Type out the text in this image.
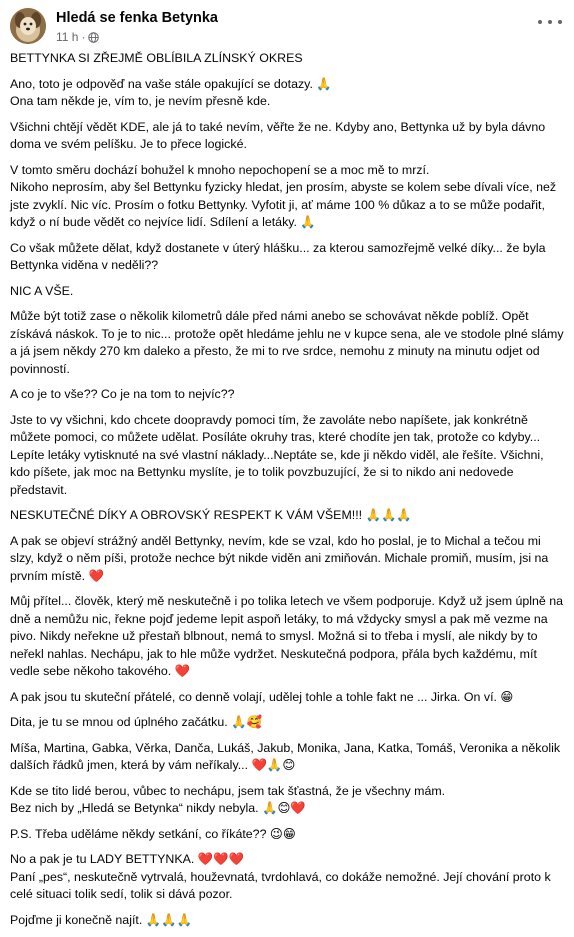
Hledá se fenka Betynka
11 h ·

BETTYNKA SI ZŘEJMĚ OBLÍBILA ZLÍNSKÝ OKRES

Ano, toto je odpověď na vaše stále opakující se dotazy. 🙏
Ona tam někde je, vím to, je nevím přesně kde.

Všichni chtějí vědět KDE, ale já to také nevím, věřte že ne. Kdyby ano, Bettynka už by byla dávno doma ve svém pelíšku. Je to přece logické.

V tomto směru dochází bohužel k mnoho nepochopení se a moc mě to mrzí.
Nikoho neprosím, aby šel Bettynku fyzicky hledat, jen prosím, abyste se kolem sebe dívali více, než jste zvyklí. Nic víc. Prosím o fotku Bettynky. Vyfotit ji, ať máme 100 % důkaz a to se může podařit, když o ní bude vědět co nejvíce lidí. Sdílení a letáky. 🙏

Co však můžete dělat, když dostanete v úterý hlášku... za kterou samozřejmě velké díky... že byla Bettynka viděna v neděli??

NIC A VŠE.

Může být totiž zase o několik kilometrů dále před námi anebo se schovávat někde poblíž. Opět získává náskok. To je to nic... protože opět hledáme jehlu ne v kupce sena, ale ve stodole plné slámy a já jsem někdy 270 km daleko a přesto, že mi to rve srdce, nemohu z minuty na minutu odjet od povinností.

A co je to vše?? Co je na tom to nejvíc??

Jste to vy všichni, kdo chcete doopravdy pomoci tím, že zavoláte nebo napíšete, jak konkrétně můžete pomoci, co můžete udělat. Posíláte okruhy tras, které chodíte jen tak, protože co kdyby... Lepíte letáky vytisknuté na své vlastní náklady...Neptáte se, kde ji někdo viděl, ale řešíte. Všichni, kdo píšete, jak moc na Bettynku myslíte, je to tolik povzbuzující, že si to nikdo ani nedovede představit.

NESKUTEČNÉ DÍKY A OBROVSKÝ RESPEKT K VÁM VŠEM!!! 🙏🙏🙏

A pak se objeví strážný anděl Bettynky, nevím, kde se vzal, kdo ho poslal, je to Michal a tečou mi slzy, když o něm píši, protože nechce být nikde viděn ani zmiňován. Michale promiň, musím, jsi na prvním místě. ❤️

Můj přítel... člověk, který mě neskutečně i po tolika letech ve všem podporuje. Když už jsem úplně na dně a nemůžu nic, řekne pojď jedeme lepit aspoň letáky, to má vždycky smysl a pak mě vezme na pivo. Nikdy neřekne už přestaň blbnout, nemá to smysl. Možná si to třeba i myslí, ale nikdy by to neřekl nahlas. Nechápu, jak to hle může vydržet. Neskutečná podpora, přála bych každému, mít vedle sebe někoho takového. ❤️

A pak jsou tu skuteční přátelé, co denně volají, udělej tohle a tohle fakt ne ... Jirka. On ví. 😁

Dita, je tu se mnou od úplného začátku. 🙏🥰

Míša, Martina, Gabka, Věrka, Danča, Lukáš, Jakub, Monika, Jana, Katka, Tomáš, Veronika a několik dalších řádků jmen, která by vám neříkaly... ❤️🙏😊

Kde se tito lidé berou, vůbec to nechápu, jsem tak šťastná, že je všechny mám.
Bez nich by „Hledá se Betynka“ nikdy nebyla. 🙏😊❤️

P.S. Třeba uděláme někdy setkání, co říkáte?? 😉😁

No a pak je tu LADY BETTYNKA. ❤️❤️❤️
Paní „pes“, neskutečně vytrvalá, houževnatá, tvrdohlavá, co dokáže nemožné. Její chování proto k celé situaci tolik sedí, tolik si dává pozor.

Pojďme ji konečně najít. 🙏🙏🙏
